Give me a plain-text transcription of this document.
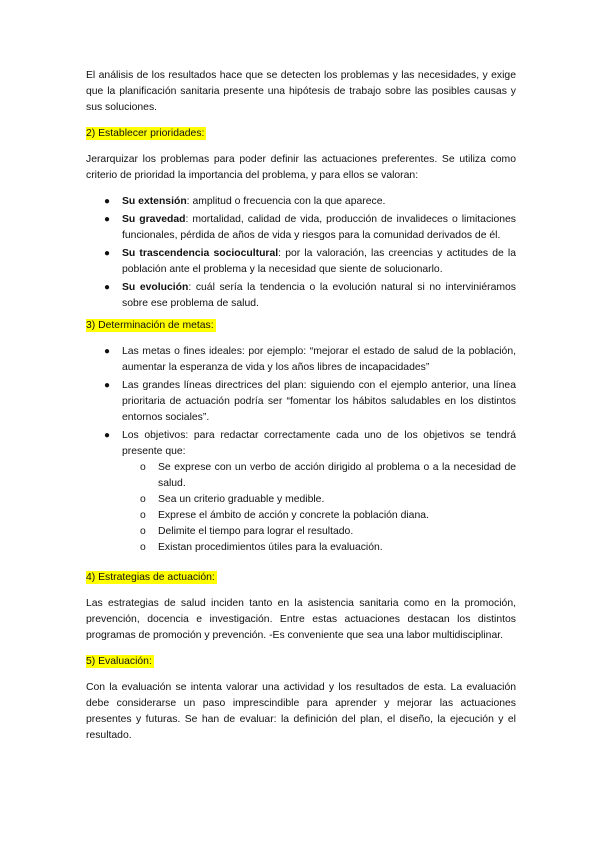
El análisis de los resultados hace que se detecten los problemas y las necesidades, y exige que la planificación sanitaria presente una hipótesis de trabajo sobre las posibles causas y sus soluciones.

2) Establecer prioridades:

Jerarquizar los problemas para poder definir las actuaciones preferentes. Se utiliza como criterio de prioridad la importancia del problema, y para ellos se valoran:

● Su extensión: amplitud o frecuencia con la que aparece.
● Su gravedad: mortalidad, calidad de vida, producción de invalideces o limitaciones funcionales, pérdida de años de vida y riesgos para la comunidad derivados de él.
● Su trascendencia sociocultural: por la valoración, las creencias y actitudes de la población ante el problema y la necesidad que siente de solucionarlo.
● Su evolución: cuál sería la tendencia o la evolución natural si no interviniéramos sobre ese problema de salud.

3) Determinación de metas:

● Las metas o fines ideales: por ejemplo: “mejorar el estado de salud de la población, aumentar la esperanza de vida y los años libres de incapacidades”
● Las grandes líneas directrices del plan: siguiendo con el ejemplo anterior, una línea prioritaria de actuación podría ser “fomentar los hábitos saludables en los distintos entornos sociales”.
● Los objetivos: para redactar correctamente cada uno de los objetivos se tendrá presente que:
o Se exprese con un verbo de acción dirigido al problema o a la necesidad de salud.
o Sea un criterio graduable y medible.
o Exprese el ámbito de acción y concrete la población diana.
o Delimite el tiempo para lograr el resultado.
o Existan procedimientos útiles para la evaluación.

4) Estrategias de actuación:

Las estrategias de salud inciden tanto en la asistencia sanitaria como en la promoción, prevención, docencia e investigación. Entre estas actuaciones destacan los distintos programas de promoción y prevención. -Es conveniente que sea una labor multidisciplinar.

5) Evaluación:

Con la evaluación se intenta valorar una actividad y los resultados de esta. La evaluación debe considerarse un paso imprescindible para aprender y mejorar las actuaciones presentes y futuras. Se han de evaluar: la definición del plan, el diseño, la ejecución y el resultado.
